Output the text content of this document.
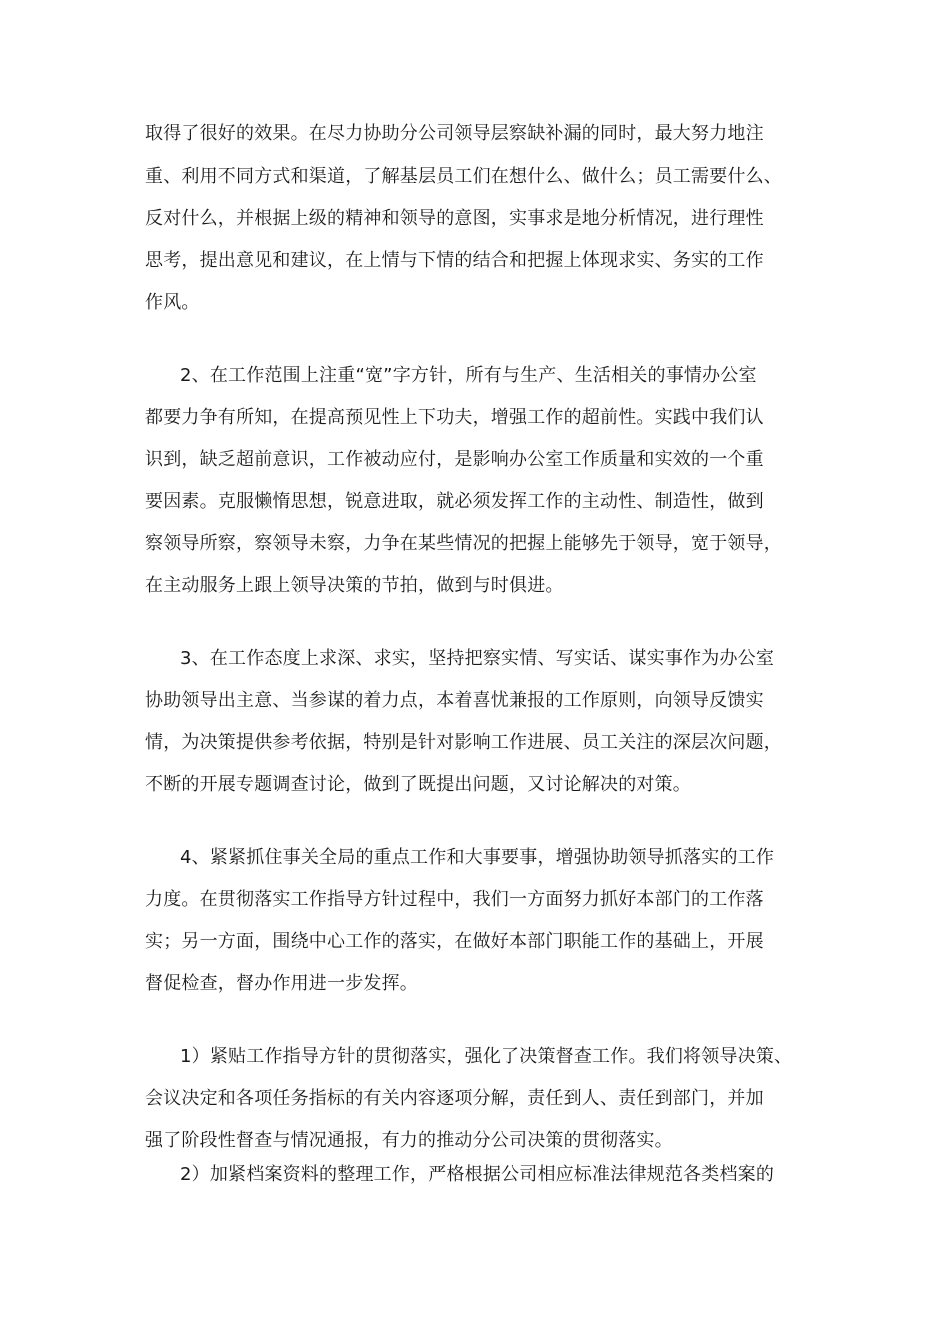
取得了很好的效果。在尽力协助分公司领导层察缺补漏的同时，最大努力地注
重、利用不同方式和渠道，了解基层员工们在想什么、做什么；员工需要什么、
反对什么，并根据上级的精神和领导的意图，实事求是地分析情况，进行理性
思考，提出意见和建议，在上情与下情的结合和把握上体现求实、务实的工作
作风。
2、在工作范围上注重“宽”字方针，所有与生产、生活相关的事情办公室
都要力争有所知，在提高预见性上下功夫，增强工作的超前性。实践中我们认
识到，缺乏超前意识，工作被动应付，是影响办公室工作质量和实效的一个重
要因素。克服懒惰思想，锐意进取，就必须发挥工作的主动性、制造性，做到
察领导所察，察领导未察，力争在某些情况的把握上能够先于领导，宽于领导，
在主动服务上跟上领导决策的节拍，做到与时俱进。
3、在工作态度上求深、求实，坚持把察实情、写实话、谋实事作为办公室
协助领导出主意、当参谋的着力点，本着喜忧兼报的工作原则，向领导反馈实
情，为决策提供参考依据，特别是针对影响工作进展、员工关注的深层次问题，
不断的开展专题调查讨论，做到了既提出问题，又讨论解决的对策。
4、紧紧抓住事关全局的重点工作和大事要事，增强协助领导抓落实的工作
力度。在贯彻落实工作指导方针过程中，我们一方面努力抓好本部门的工作落
实；另一方面，围绕中心工作的落实，在做好本部门职能工作的基础上，开展
督促检查，督办作用进一步发挥。
1）紧贴工作指导方针的贯彻落实，强化了决策督查工作。我们将领导决策、
会议决定和各项任务指标的有关内容逐项分解，责任到人、责任到部门，并加
强了阶段性督查与情况通报，有力的推动分公司决策的贯彻落实。
2）加紧档案资料的整理工作，严格根据公司相应标准法律规范各类档案的
